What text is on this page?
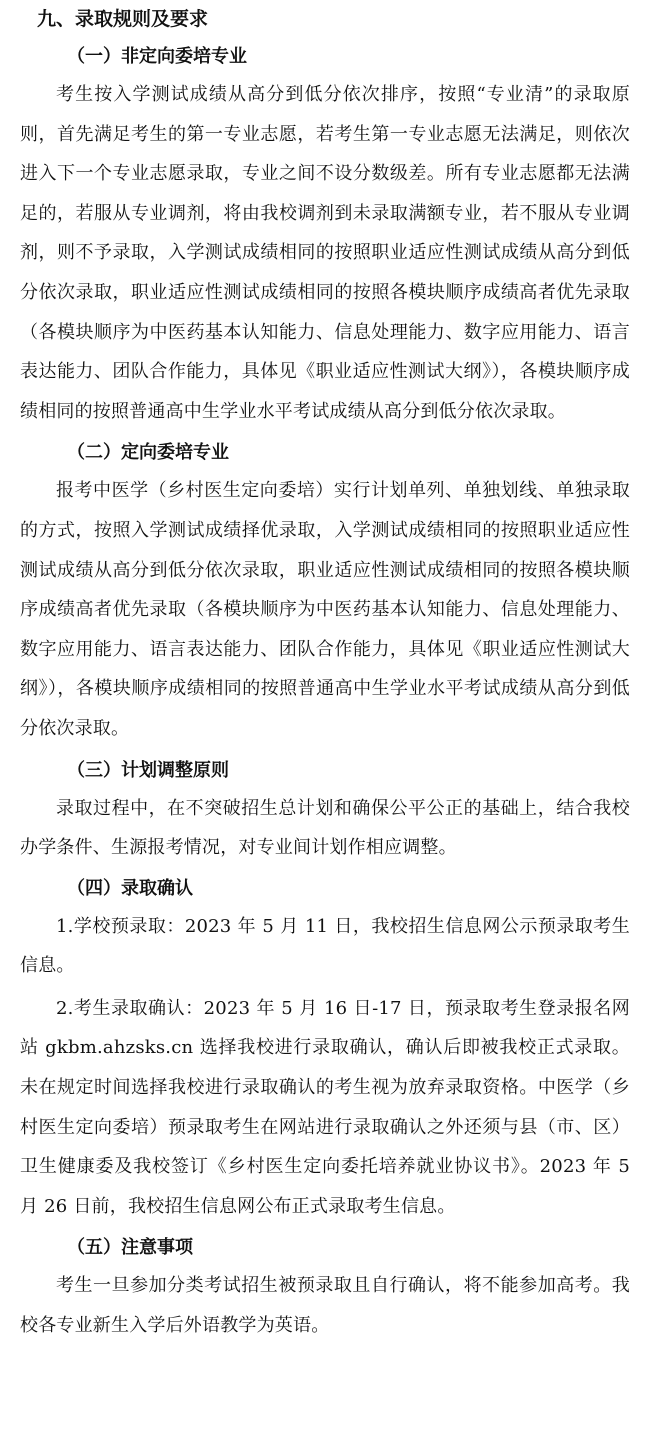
九、录取规则及要求
（一）非定向委培专业

考生按入学测试成绩从高分到低分依次排序，按照“专业清”的录取原则，首先满足考生的第一专业志愿，若考生第一专业志愿无法满足，则依次进入下一个专业志愿录取，专业之间不设分数级差。所有专业志愿都无法满足的，若服从专业调剂，将由我校调剂到未录取满额专业，若不服从专业调剂，则不予录取，入学测试成绩相同的按照职业适应性测试成绩从高分到低分依次录取，职业适应性测试成绩相同的按照各模块顺序成绩高者优先录取（各模块顺序为中医药基本认知能力、信息处理能力、数字应用能力、语言表达能力、团队合作能力，具体见《职业适应性测试大纲》），各模块顺序成绩相同的按照普通高中生学业水平考试成绩从高分到低分依次录取。

（二）定向委培专业

报考中医学（乡村医生定向委培）实行计划单列、单独划线、单独录取的方式，按照入学测试成绩择优录取，入学测试成绩相同的按照职业适应性测试成绩从高分到低分依次录取，职业适应性测试成绩相同的按照各模块顺序成绩高者优先录取（各模块顺序为中医药基本认知能力、信息处理能力、数字应用能力、语言表达能力、团队合作能力，具体见《职业适应性测试大纲》），各模块顺序成绩相同的按照普通高中生学业水平考试成绩从高分到低分依次录取。

（三）计划调整原则

录取过程中，在不突破招生总计划和确保公平公正的基础上，结合我校办学条件、生源报考情况，对专业间计划作相应调整。

（四）录取确认

1.学校预录取：2023 年 5 月 11 日，我校招生信息网公示预录取考生信息。

2.考生录取确认：2023 年 5 月 16 日-17 日，预录取考生登录报名网站 gkbm.ahzsks.cn 选择我校进行录取确认，确认后即被我校正式录取。未在规定时间选择我校进行录取确认的考生视为放弃录取资格。中医学（乡村医生定向委培）预录取考生在网站进行录取确认之外还须与县（市、区）卫生健康委及我校签订《乡村医生定向委托培养就业协议书》。2023 年 5 月 26 日前，我校招生信息网公布正式录取考生信息。

（五）注意事项

考生一旦参加分类考试招生被预录取且自行确认，将不能参加高考。我校各专业新生入学后外语教学为英语。
